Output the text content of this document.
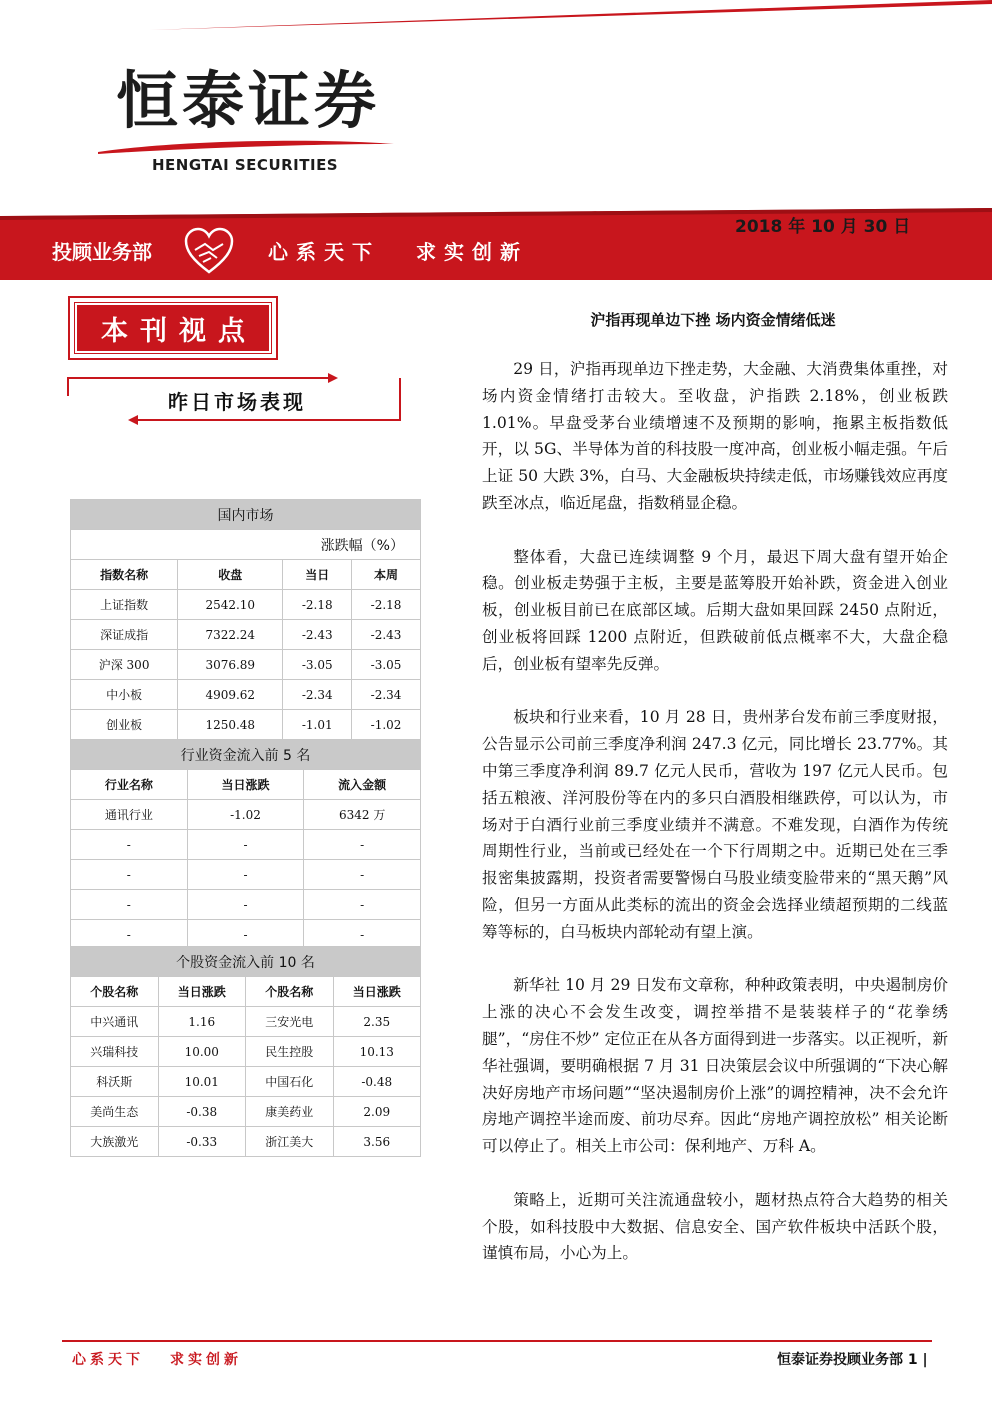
恒泰证券
HENGTAI SECURITIES
2018 年 10 月 30 日
投顾业务部	心系天下 求实创新
本刊视点
昨日市场表现
国内市场			
涨跌幅（%）			
指数名称	收盘	当日	本周
上证指数	2542.10	-2.18	-2.18
深证成指	7322.24	-2.43	-2.43
沪深 300	3076.89	-3.05	-3.05
中小板	4909.62	-2.34	-2.34
创业板	1250.48	-1.01	-1.02
行业资金流入前 5 名		
行业名称	当日涨跌	流入金额
通讯行业	-1.02	6342 万
-	-	-
-	-	-
-	-	-
-	-	-
个股资金流入前 10 名			
个股名称	当日涨跌	个股名称	当日涨跌
中兴通讯	1.16	三安光电	2.35
兴瑞科技	10.00	民生控股	10.13
科沃斯	10.01	中国石化	-0.48
美尚生态	-0.38	康美药业	2.09
大族激光	-0.33	浙江美大	3.56
沪指再现单边下挫 场内资金情绪低迷

29 日，沪指再现单边下挫走势，大金融、大消费集体重挫，对场内资金情绪打击较大。至收盘，沪指跌 2.18%，创业板跌 1.01%。早盘受茅台业绩增速不及预期的影响，拖累主板指数低开，以 5G、半导体为首的科技股一度冲高，创业板小幅走强。午后上证 50 大跌 3%，白马、大金融板块持续走低，市场赚钱效应再度跌至冰点，临近尾盘，指数稍显企稳。

整体看，大盘已连续调整 9 个月，最迟下周大盘有望开始企稳。创业板走势强于主板，主要是蓝筹股开始补跌，资金进入创业板，创业板目前已在底部区域。后期大盘如果回踩 2450 点附近，创业板将回踩 1200 点附近，但跌破前低点概率不大，大盘企稳后，创业板有望率先反弹。

板块和行业来看，10 月 28 日，贵州茅台发布前三季度财报，公告显示公司前三季度净利润 247.3 亿元，同比增长 23.77%。其中第三季度净利润 89.7 亿元人民币，营收为 197 亿元人民币。包括五粮液、洋河股份等在内的多只白酒股相继跌停，可以认为，市场对于白酒行业前三季度业绩并不满意。不难发现，白酒作为传统周期性行业，当前或已经处在一个下行周期之中。近期已处在三季报密集披露期，投资者需要警惕白马股业绩变脸带来的“黑天鹅”风险，但另一方面从此类标的流出的资金会选择业绩超预期的二线蓝筹等标的，白马板块内部轮动有望上演。

新华社 10 月 29 日发布文章称，种种政策表明，中央遏制房价上涨的决心不会发生改变，调控举措不是装装样子的“花拳绣腿”，“房住不炒” 定位正在从各方面得到进一步落实。以正视听，新华社强调，要明确根据 7 月 31 日决策层会议中所强调的“下决心解决好房地产市场问题”“坚决遏制房价上涨”的调控精神，决不会允许房地产调控半途而废、前功尽弃。因此“房地产调控放松” 相关论断可以停止了。相关上市公司：保利地产、万科 A。

策略上，近期可关注流通盘较小，题材热点符合大趋势的相关个股，如科技股中大数据、信息安全、国产软件板块中活跃个股，谨慎布局，小心为上。

心系天下 求实创新	恒泰证券投顾业务部 1 |
